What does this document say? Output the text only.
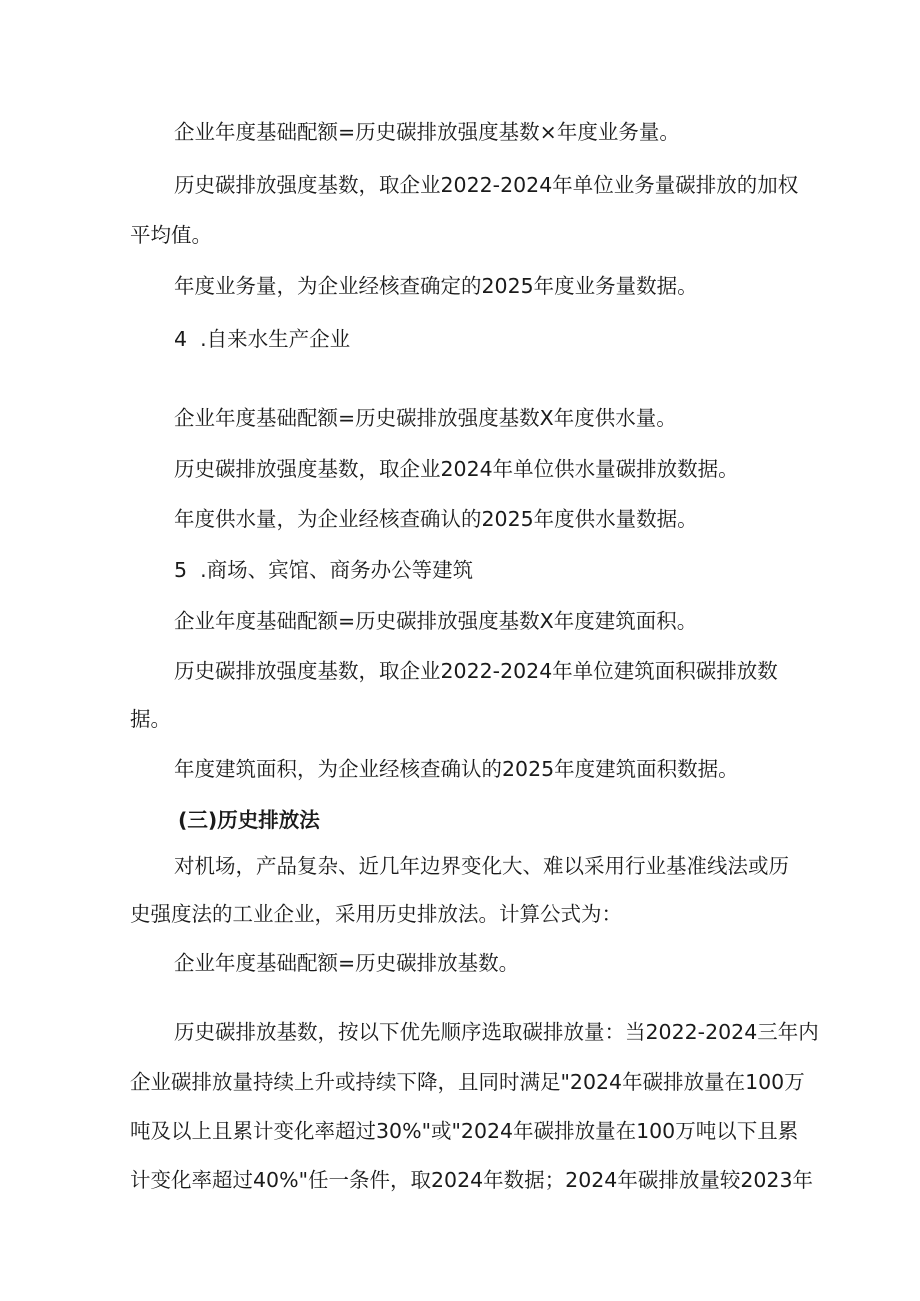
企业年度基础配额=历史碳排放强度基数×年度业务量。
历史碳排放强度基数，取企业2022-2024年单位业务量碳排放的加权
平均值。
年度业务量，为企业经核查确定的2025年度业务量数据。
4  .自来水生产企业
企业年度基础配额=历史碳排放强度基数X年度供水量。
历史碳排放强度基数，取企业2024年单位供水量碳排放数据。
年度供水量，为企业经核查确认的2025年度供水量数据。
5  .商场、宾馆、商务办公等建筑
企业年度基础配额=历史碳排放强度基数X年度建筑面积。
历史碳排放强度基数，取企业2022-2024年单位建筑面积碳排放数
据。
年度建筑面积，为企业经核查确认的2025年度建筑面积数据。
(三)历史排放法
对机场，产品复杂、近几年边界变化大、难以采用行业基准线法或历
史强度法的工业企业，采用历史排放法。计算公式为：
企业年度基础配额=历史碳排放基数。
历史碳排放基数，按以下优先顺序选取碳排放量：当2022-2024三年内
企业碳排放量持续上升或持续下降，且同时满足"2024年碳排放量在100万
吨及以上且累计变化率超过30%"或"2024年碳排放量在100万吨以下且累
计变化率超过40%"任一条件，取2024年数据；2024年碳排放量较2023年
